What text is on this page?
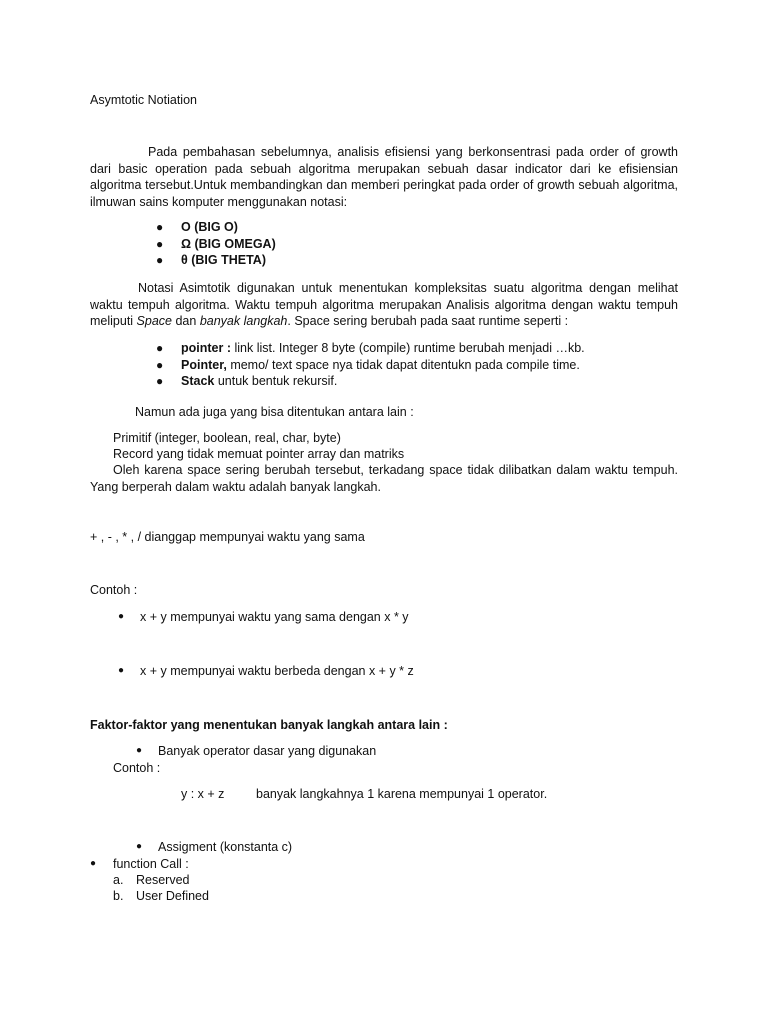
Asymtotic Notiation

Pada pembahasan sebelumnya, analisis efisiensi yang berkonsentrasi pada order of growth dari basic operation pada sebuah algoritma merupakan sebuah dasar indicator dari ke efisiensian algoritma tersebut.Untuk membandingkan dan memberi peringkat pada order of growth sebuah algoritma, ilmuwan sains komputer menggunakan notasi:

● O (BIG O)
● Ω (BIG OMEGA)
● θ (BIG THETA)

Notasi Asimtotik digunakan untuk menentukan kompleksitas suatu algoritma dengan melihat waktu tempuh algoritma. Waktu tempuh algoritma merupakan Analisis algoritma dengan waktu tempuh meliputi Space dan banyak langkah. Space sering berubah pada saat runtime seperti :

● pointer : link list. Integer 8 byte (compile) runtime berubah menjadi …kb.
● Pointer, memo/ text space nya tidak dapat ditentukn pada compile time.
● Stack untuk bentuk rekursif.
Namun ada juga yang bisa ditentukan antara lain :
Primitif (integer, boolean, real, char, byte)
Record yang tidak memuat pointer array dan matriks

Oleh karena space sering berubah tersebut, terkadang space tidak dilibatkan dalam waktu tempuh. Yang berperah dalam waktu adalah banyak langkah.

+ , - , * , / dianggap mempunyai waktu yang sama
Contoh :
● x + y mempunyai waktu yang sama dengan x * y
● x + y mempunyai waktu berbeda dengan x + y * z
Faktor-faktor yang menentukan banyak langkah antara lain :
● Banyak operator dasar yang digunakan
Contoh :
y : x + z	banyak langkahnya 1 karena mempunyai 1 operator.
● Assigment (konstanta c)
● function Call :
a. Reserved
b. User Defined
